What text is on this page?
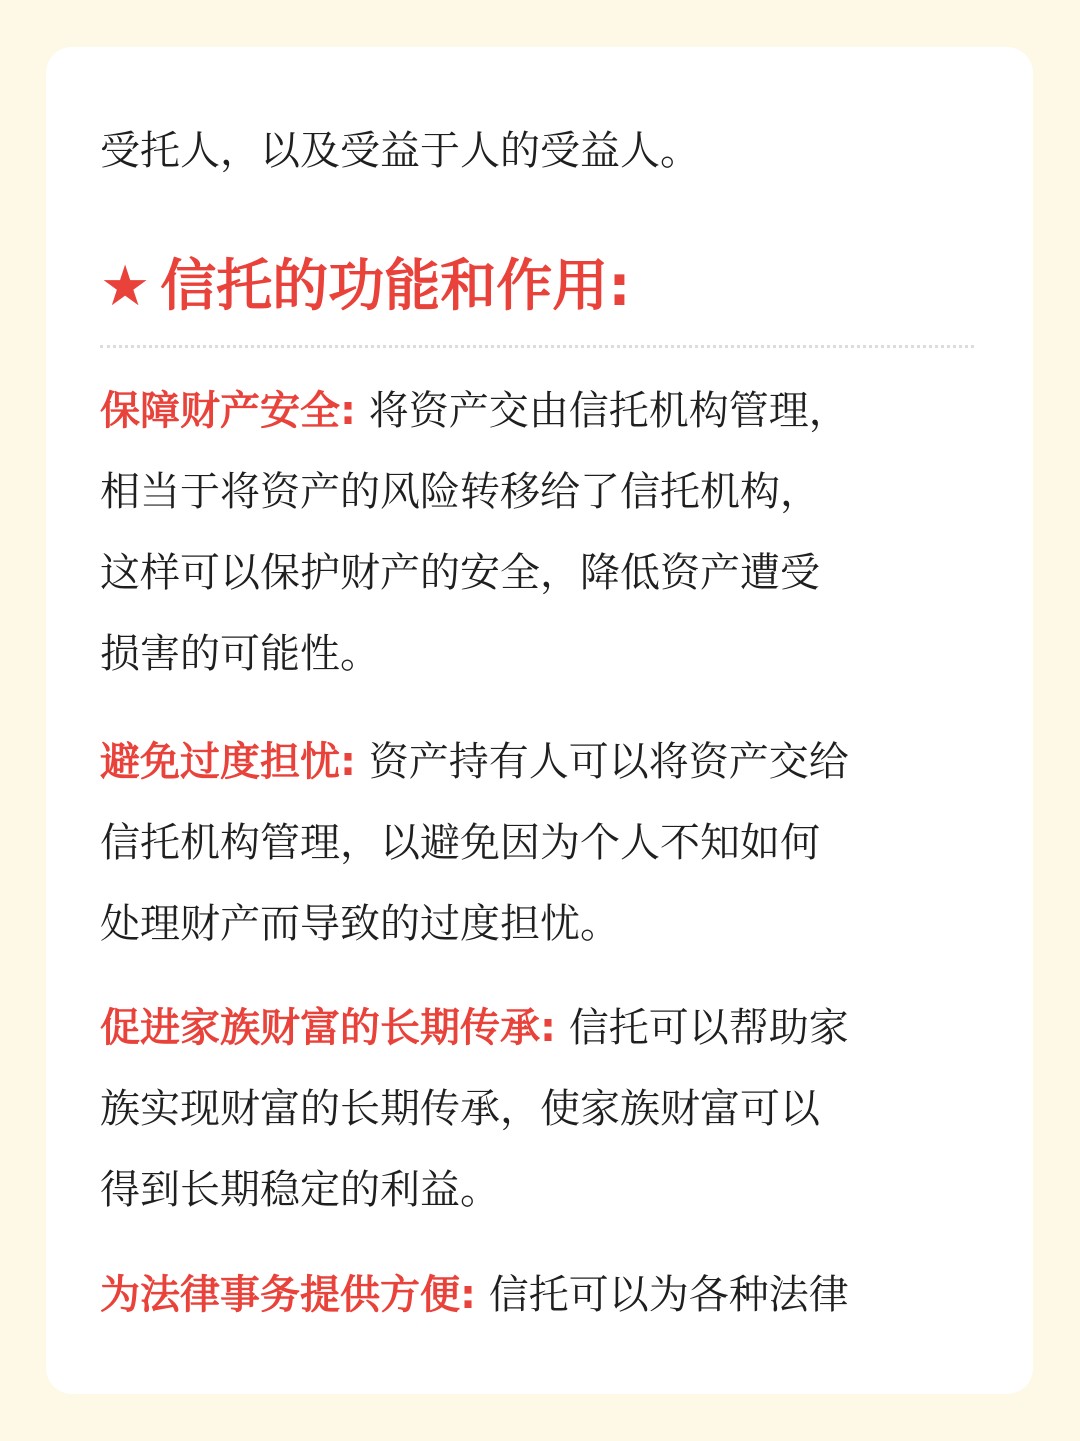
受托人，以及受益于人的受益人。
★ 信托的功能和作用:
保障财产安全: 将资产交由信托机构管理，
相当于将资产的风险转移给了信托机构，
这样可以保护财产的安全，降低资产遭受
损害的可能性。
避免过度担忧: 资产持有人可以将资产交给
信托机构管理，以避免因为个人不知如何
处理财产而导致的过度担忧。
促进家族财富的长期传承: 信托可以帮助家
族实现财富的长期传承，使家族财富可以
得到长期稳定的利益。
为法律事务提供方便: 信托可以为各种法律
